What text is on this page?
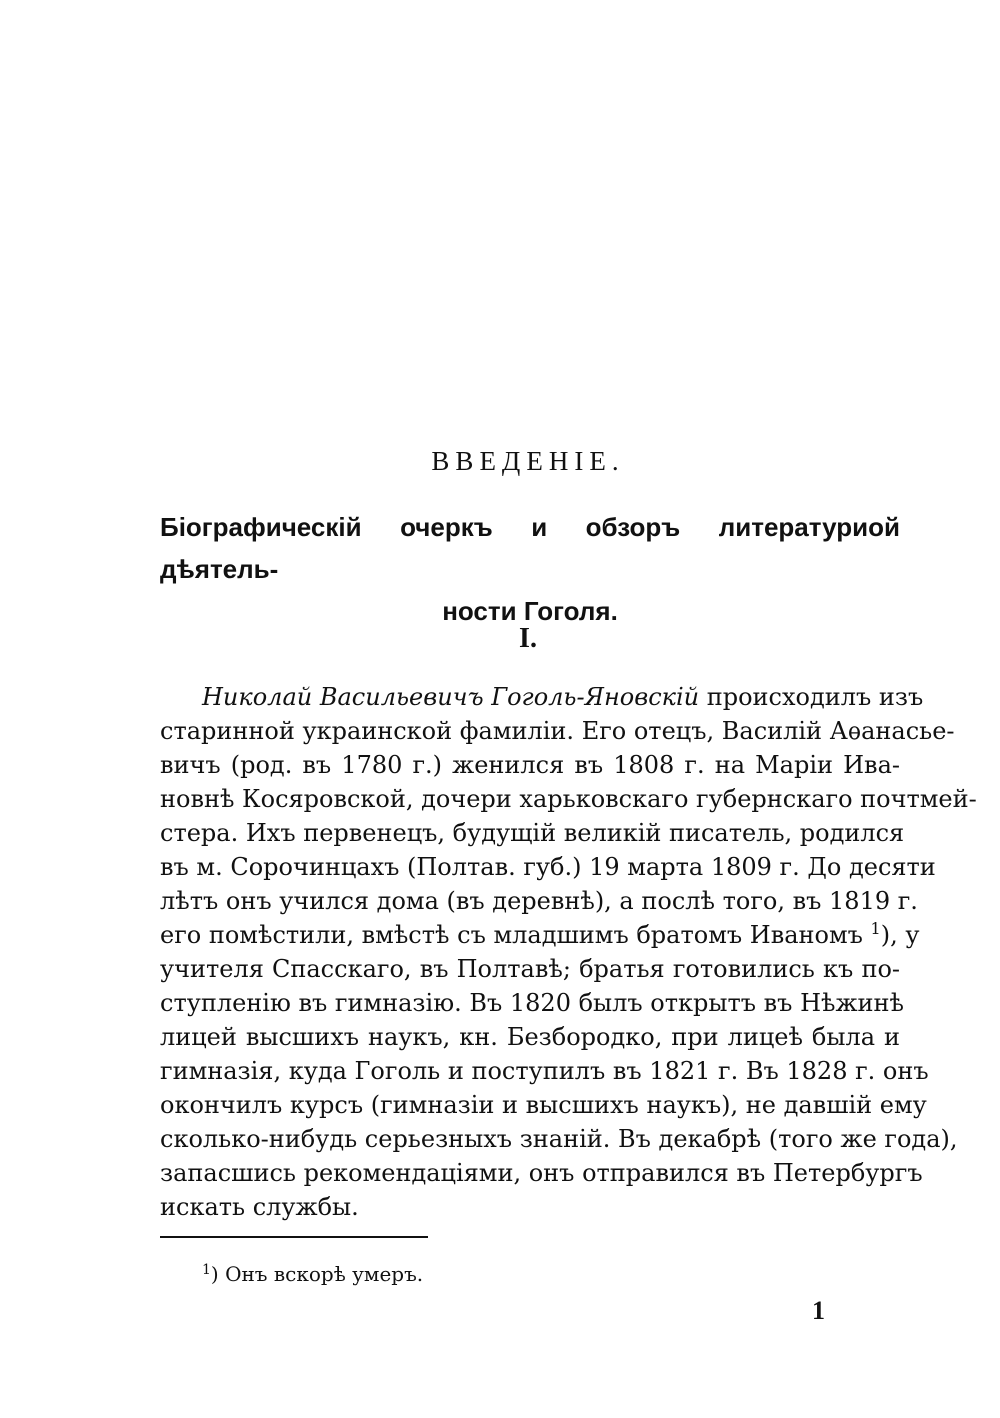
ВВЕДЕНIЕ.
Бiографическiй очеркъ и обзоръ литературиой дѣятель-
ности Гоголя.
I.
Николай Васильевичъ Гоголь-Яновскiй происходилъ изъ
старинной украинской фамилiи. Его отецъ, Василiй Аѳанасье-
вичъ (род. въ 1780 г.) женился въ 1808 г. на Марiи Ива-
новнѣ Косяровской, дочери харьковскаго губернскаго почтмей-
стера. Ихъ первенецъ, будущiй великiй писатель, родился
въ м. Сорочинцахъ (Полтав. губ.) 19 марта 1809 г. До десяти
лѣтъ онъ учился дома (въ деревнѣ), а послѣ того, въ 1819 г.
его помѣстили, вмѣстѣ съ младшимъ братомъ Иваномъ $^1$), у
учителя Спасскаго, въ Полтавѣ; братья готовились къ по-
ступленiю въ гимназiю. Въ 1820 былъ открытъ въ Нѣжинѣ
лицей высшихъ наукъ, кн. Безбородко, при лицеѣ была и
гимназiя, куда Гоголь и поступилъ въ 1821 г. Въ 1828 г. онъ
окончилъ курсъ (гимназiи и высшихъ наукъ), не давшiй ему
сколько-нибудь серьезныхъ знанiй. Въ декабрѣ (того же года),
запасшись рекомендацiями, онъ отправился въ Петербургъ
искать службы.
$^1$) Онъ вскорѣ умеръ.
1
